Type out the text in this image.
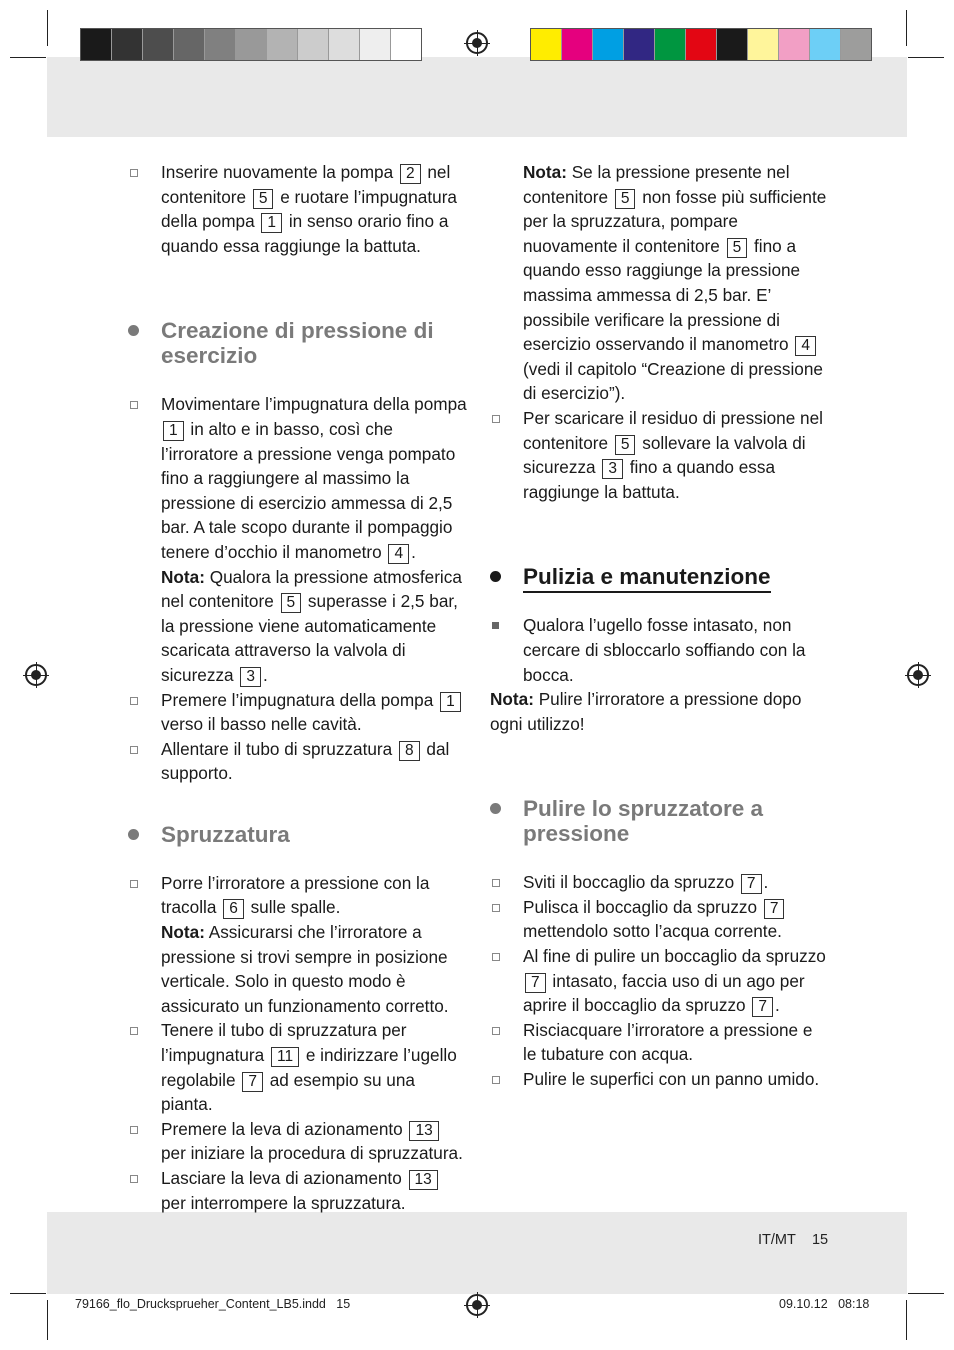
Inserire nuovamente la pompa 2 nel contenitore 5 e ruotare l’impugnatura della pompa 1 in senso orario fino a quando essa raggiunge la battuta.

Creazione di pressione di esercizio

Movimentare l’impugnatura della pompa 1 in alto e in basso, così che l’irroratore a pressione venga pompato fino a raggiungere al massimo la pressione di esercizio ammessa di 2,5 bar. A tale scopo durante il pompaggio tenere d’occhio il manometro 4 .

Nota: Qualora la pressione atmosferica nel contenitore 5 superasse i 2,5 bar, la pressione viene automaticamente scaricata attraverso la valvola di sicurezza 3 .

Premere l’impugnatura della pompa 1 verso il basso nelle cavità.

Allentare il tubo di spruzzatura 8 dal supporto.

Spruzzatura

Porre l’irroratore a pressione con la tracolla 6 sulle spalle.

Nota: Assicurarsi che l’irroratore a pressione si trovi sempre in posizione verticale. Solo in questo modo è assicurato un funzionamento corretto.

Tenere il tubo di spruzzatura per l’impugnatura 11 e indirizzare l’ugello regolabile 7 ad esempio su una pianta.

Premere la leva di azionamento 13 per iniziare la procedura di spruzzatura.

Lasciare la leva di azionamento 13 per interrompere la spruzzatura.

Nota: Se la pressione presente nel contenitore 5 non fosse più sufficiente per la spruzzatura, pompare nuovamente il contenitore 5 fino a quando esso raggiunge la pressione massima ammessa di 2,5 bar. E’ possibile verificare la pressione di esercizio osservando il manometro 4 (vedi il capitolo “Creazione di pressione di esercizio”).

Per scaricare il residuo di pressione nel contenitore 5 sollevare la valvola di sicurezza 3 fino a quando essa raggiunge la battuta.

Pulizia e manutenzione

Qualora l’ugello fosse intasato, non cercare di sbloccarlo soffiando con la bocca.

Nota: Pulire l’irroratore a pressione dopo ogni utilizzo!

Pulire lo spruzzatore a pressione

Sviti il boccaglio da spruzzo 7 .

Pulisca il boccaglio da spruzzo 7 mettendolo sotto l’acqua corrente.

Al fine di pulire un boccaglio da spruzzo 7 intasato, faccia uso di un ago per aprire il boccaglio da spruzzo 7 .

Risciacquare l’irroratore a pressione e le tubature con acqua.

Pulire le superfici con un panno umido.

IT/MT 15
79166_flo_Druckspruеher_Content_LB5.indd 15	09.10.12 08:18
